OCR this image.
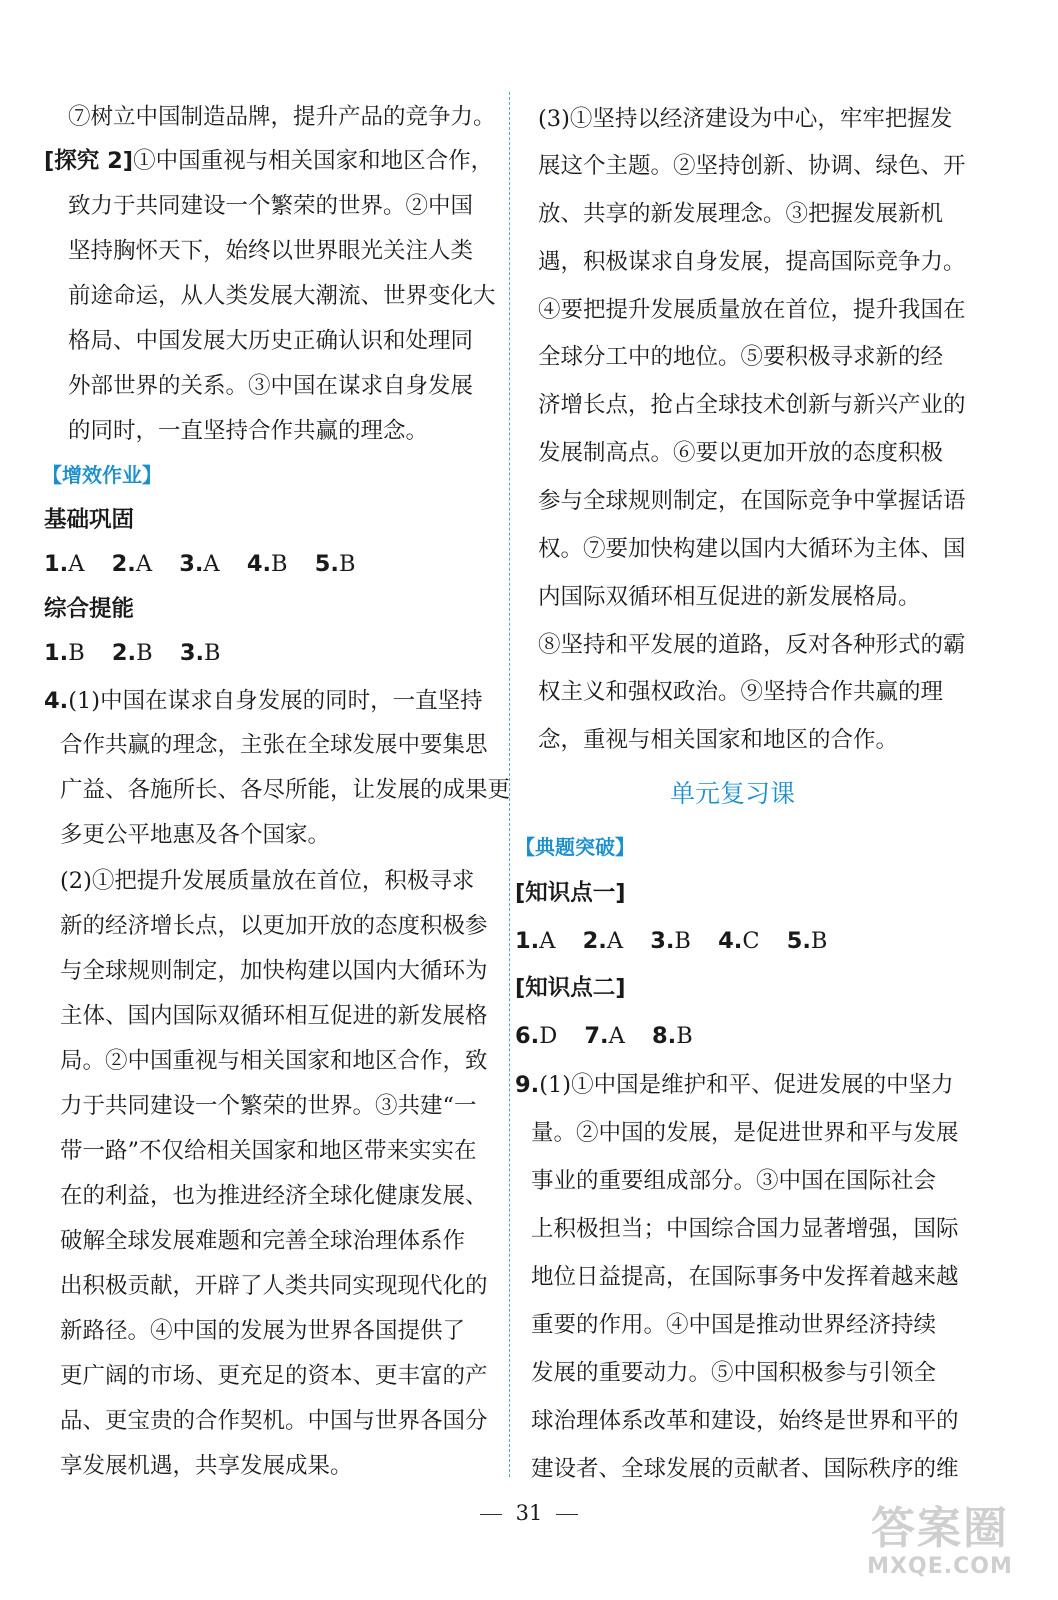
⑦树立中国制造品牌，提升产品的竞争力。
[探究 2]①中国重视与相关国家和地区合作，
致力于共同建设一个繁荣的世界。②中国
坚持胸怀天下，始终以世界眼光关注人类
前途命运，从人类发展大潮流、世界变化大
格局、中国发展大历史正确认识和处理同
外部世界的关系。③中国在谋求自身发展
的同时，一直坚持合作共赢的理念。
【增效作业】
基础巩固
1.A 2.A 3.A 4.B 5.B
综合提能
1.B 2.B 3.B
4.(1)中国在谋求自身发展的同时，一直坚持
合作共赢的理念，主张在全球发展中要集思
广益、各施所长、各尽所能，让发展的成果更
多更公平地惠及各个国家。
(2)①把提升发展质量放在首位，积极寻求
新的经济增长点，以更加开放的态度积极参
与全球规则制定，加快构建以国内大循环为
主体、国内国际双循环相互促进的新发展格
局。②中国重视与相关国家和地区合作，致
力于共同建设一个繁荣的世界。③共建“一
带一路”不仅给相关国家和地区带来实实在
在的利益，也为推进经济全球化健康发展、
破解全球发展难题和完善全球治理体系作
出积极贡献，开辟了人类共同实现现代化的
新路径。④中国的发展为世界各国提供了
更广阔的市场、更充足的资本、更丰富的产
品、更宝贵的合作契机。中国与世界各国分
享发展机遇，共享发展成果。
(3)①坚持以经济建设为中心，牢牢把握发
展这个主题。②坚持创新、协调、绿色、开
放、共享的新发展理念。③把握发展新机
遇，积极谋求自身发展，提高国际竞争力。
④要把提升发展质量放在首位，提升我国在
全球分工中的地位。⑤要积极寻求新的经
济增长点，抢占全球技术创新与新兴产业的
发展制高点。⑥要以更加开放的态度积极
参与全球规则制定，在国际竞争中掌握话语
权。⑦要加快构建以国内大循环为主体、国
内国际双循环相互促进的新发展格局。
⑧坚持和平发展的道路，反对各种形式的霸
权主义和强权政治。⑨坚持合作共赢的理
念，重视与相关国家和地区的合作。
单元复习课
【典题突破】
[知识点一]
1.A 2.A 3.B 4.C 5.B
[知识点二]
6.D 7.A 8.B
9.(1)①中国是维护和平、促进发展的中坚力
量。②中国的发展，是促进世界和平与发展
事业的重要组成部分。③中国在国际社会
上积极担当；中国综合国力显著增强，国际
地位日益提高，在国际事务中发挥着越来越
重要的作用。④中国是推动世界经济持续
发展的重要动力。⑤中国积极参与引领全
球治理体系改革和建设，始终是世界和平的
建设者、全球发展的贡献者、国际秩序的维
31	答案圈
MXQE.COM
